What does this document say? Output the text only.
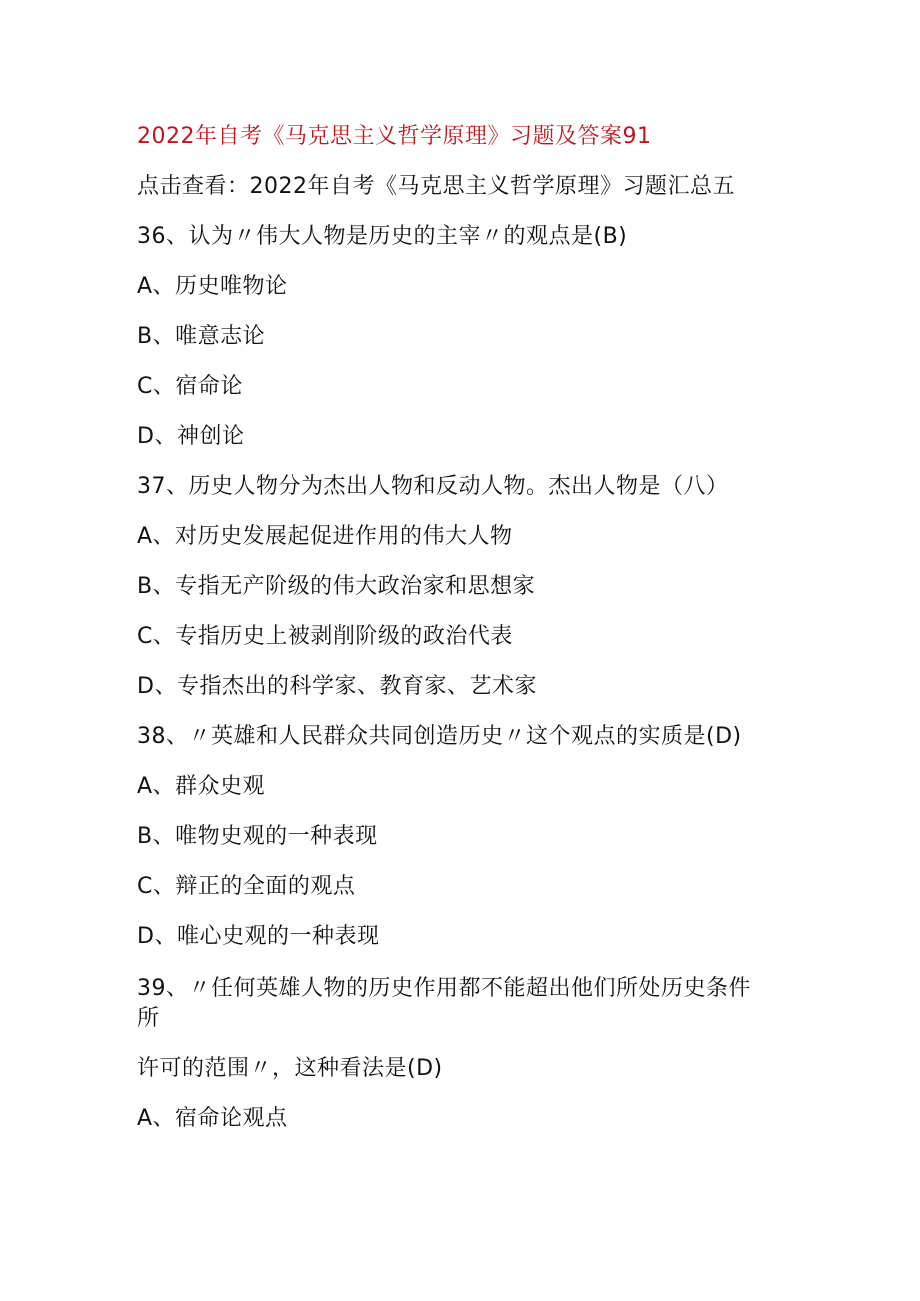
2022年自考《马克思主义哲学原理》习题及答案91
点击查看：2022年自考《马克思主义哲学原理》习题汇总五
36、认为〃伟大人物是历史的主宰〃的观点是(B)
A、历史唯物论
B、唯意志论
C、宿命论
D、神创论
37、历史人物分为杰出人物和反动人物。杰出人物是（八）
A、对历史发展起促进作用的伟大人物
B、专指无产阶级的伟大政治家和思想家
C、专指历史上被剥削阶级的政治代表
D、专指杰出的科学家、教育家、艺术家
38、〃英雄和人民群众共同创造历史〃这个观点的实质是(D)
A、群众史观
B、唯物史观的一种表现
C、辩正的全面的观点
D、唯心史观的一种表现
39、〃任何英雄人物的历史作用都不能超出他们所处历史条件
所
许可的范围〃，这种看法是(D)
A、宿命论观点
